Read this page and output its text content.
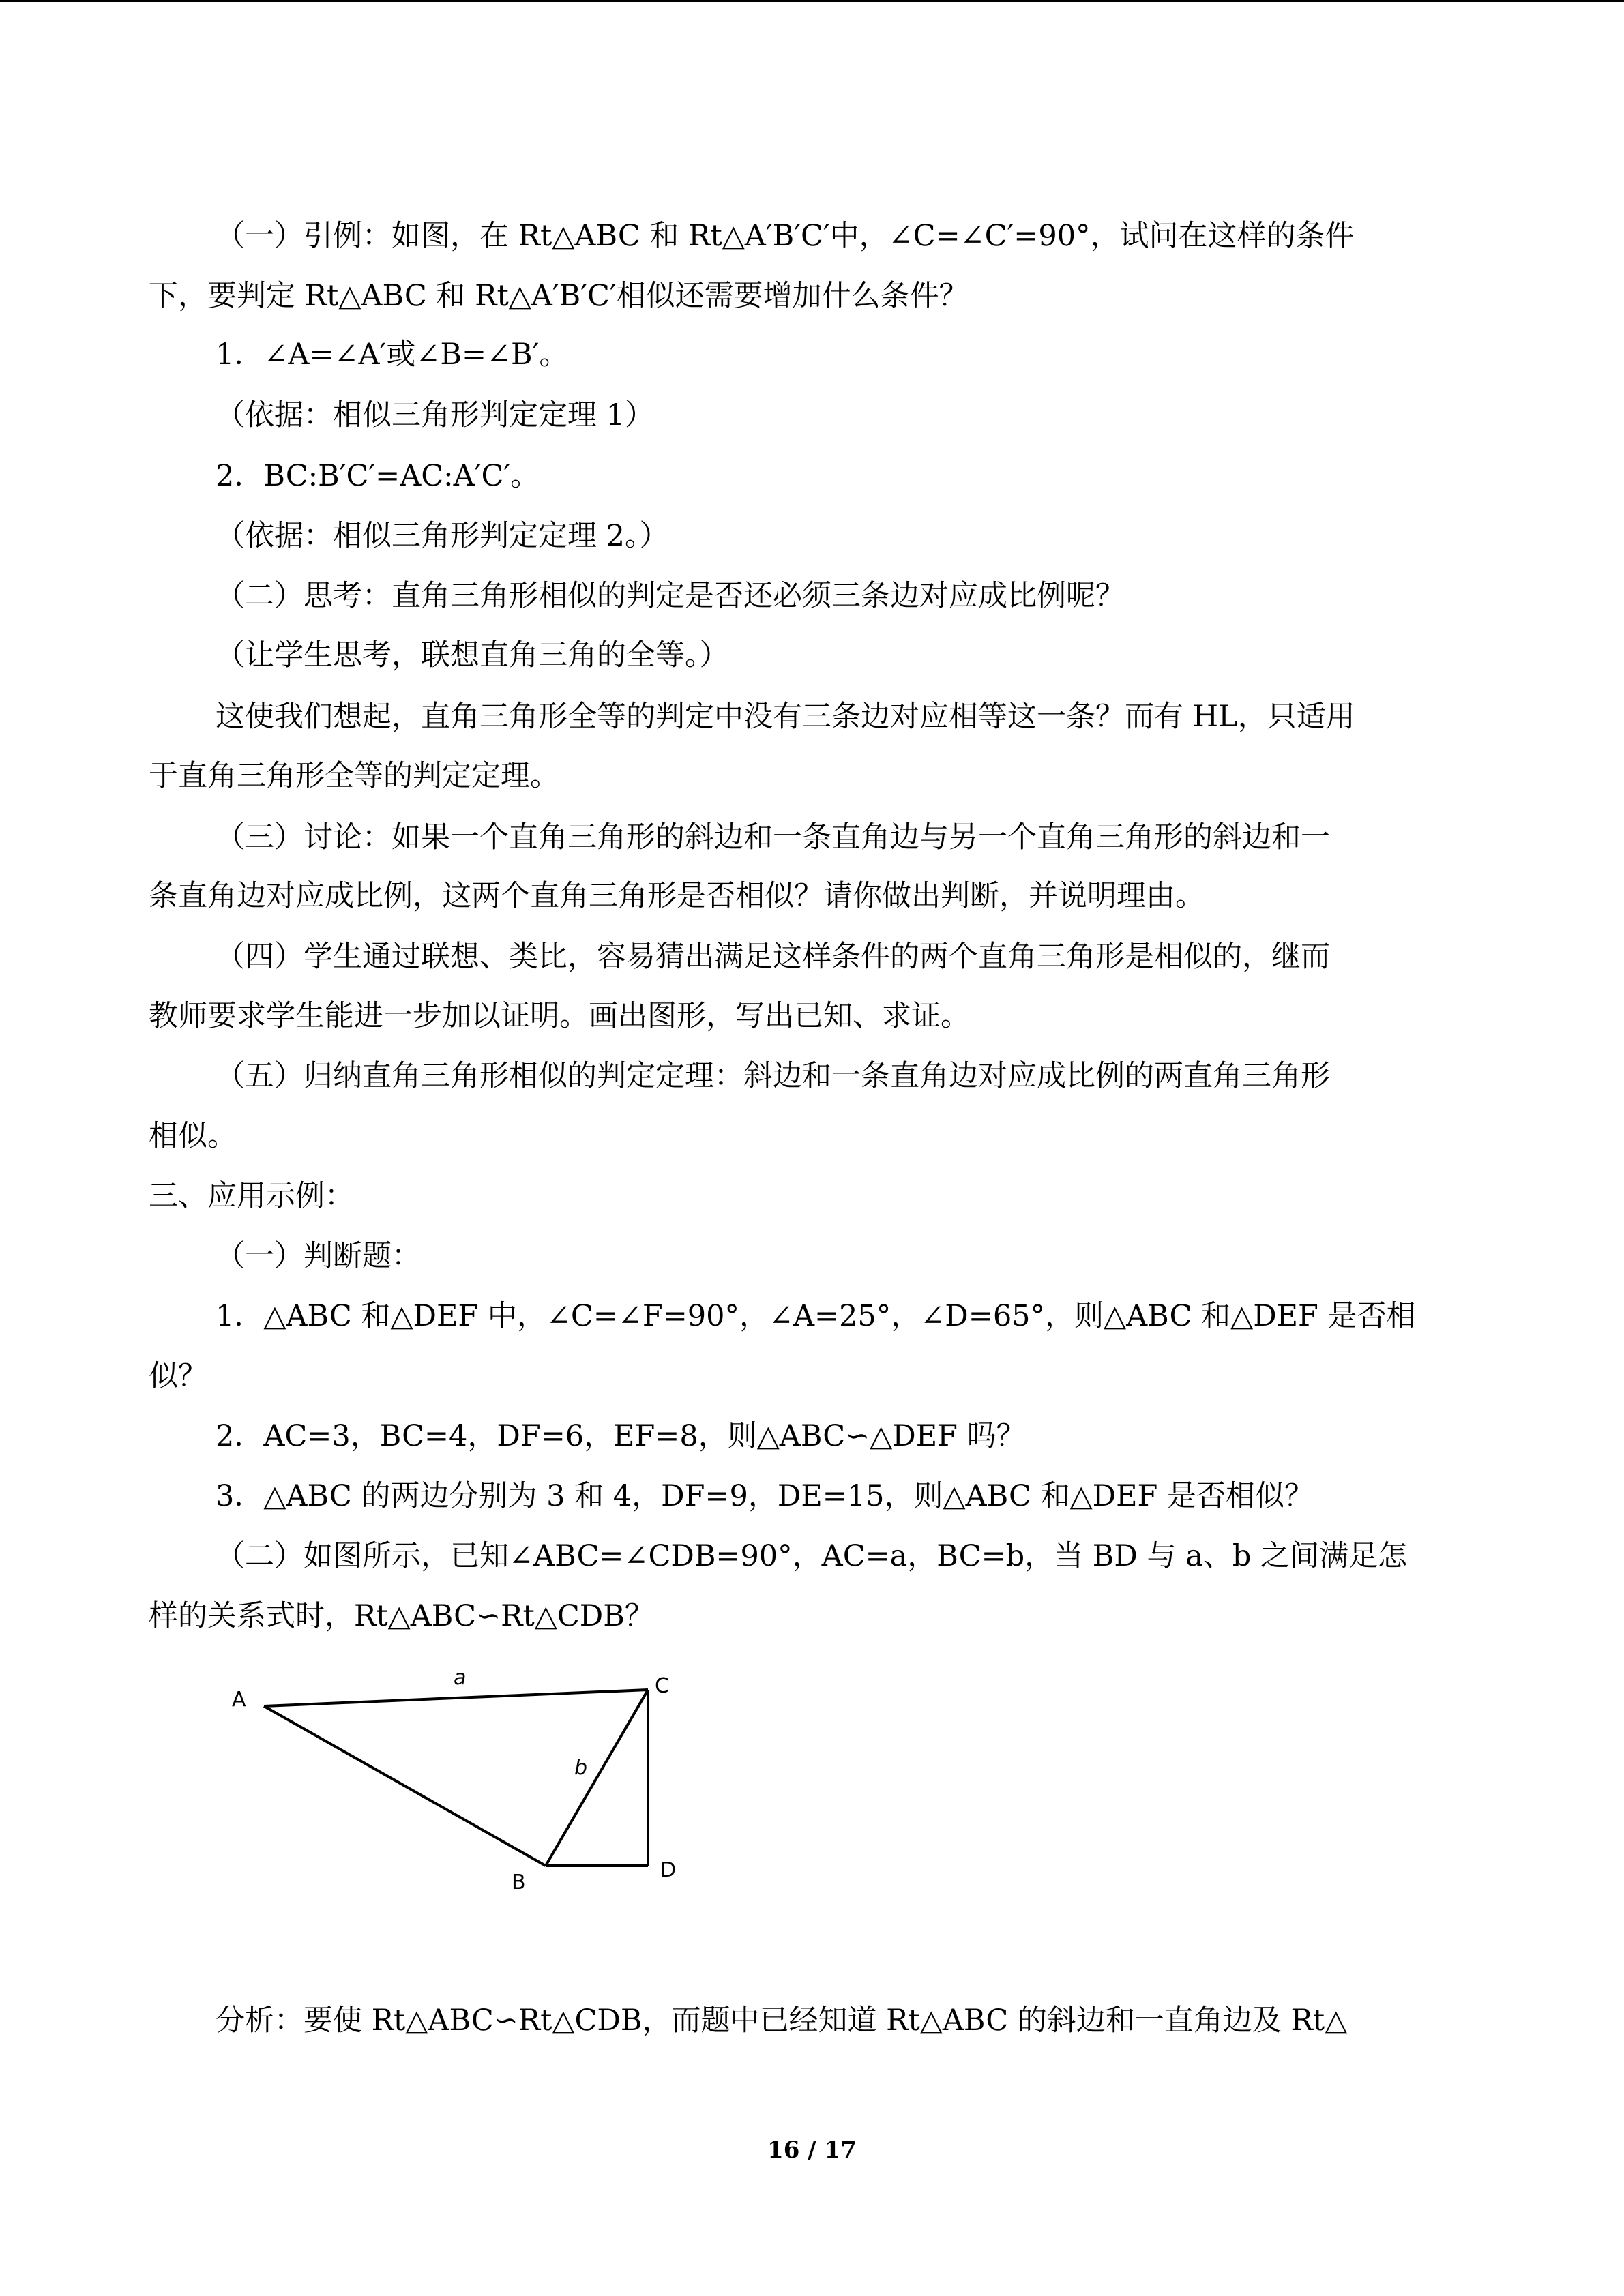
（一）引例：如图，在 Rt△ABC 和 Rt△A′B′C′中，∠C=∠C′=90°，试问在这样的条件

下，要判定 Rt△ABC 和 Rt△A′B′C′相似还需要增加什么条件？

1．∠A=∠A′或∠B=∠B′。

（依据：相似三角形判定定理 1）

2．BC:B′C′=AC:A′C′。

（依据：相似三角形判定定理 2。）

（二）思考：直角三角形相似的判定是否还必须三条边对应成比例呢？

（让学生思考，联想直角三角的全等。）

这使我们想起，直角三角形全等的判定中没有三条边对应相等这一条？而有 HL，只适用

于直角三角形全等的判定定理。

（三）讨论：如果一个直角三角形的斜边和一条直角边与另一个直角三角形的斜边和一

条直角边对应成比例，这两个直角三角形是否相似？请你做出判断，并说明理由。

（四）学生通过联想、类比，容易猜出满足这样条件的两个直角三角形是相似的，继而

教师要求学生能进一步加以证明。画出图形，写出已知、求证。

（五）归纳直角三角形相似的判定定理：斜边和一条直角边对应成比例的两直角三角形

相似。

三、应用示例：

（一）判断题：

1．△ABC 和△DEF 中，∠C=∠F=90°，∠A=25°，∠D=65°，则△ABC 和△DEF 是否相

似？

2．AC=3，BC=4，DF=6，EF=8，则△ABC∽△DEF 吗？

3．△ABC 的两边分别为 3 和 4，DF=9，DE=15，则△ABC 和△DEF 是否相似？

（二）如图所示，已知∠ABC=∠CDB=90°，AC=a，BC=b，当 BD 与 a、b 之间满足怎

样的关系式时，Rt△ABC∽Rt△CDB？

A
C
B
D
a
b

分析：要使 Rt△ABC∽Rt△CDB，而题中已经知道 Rt△ABC 的斜边和一直角边及 Rt△

16 / 17
